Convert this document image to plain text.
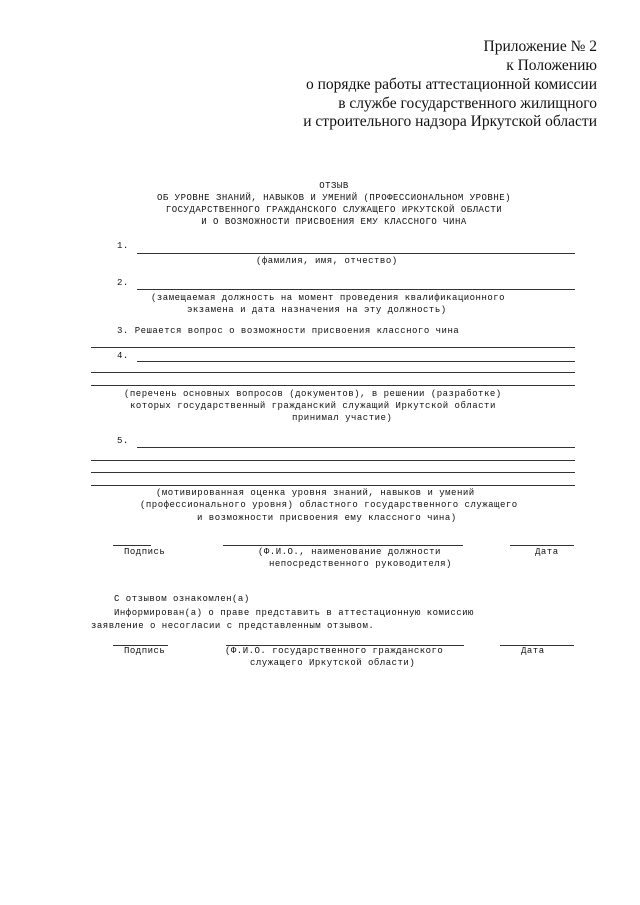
Приложение № 2
к Положению
о порядке работы аттестационной комиссии
в службе государственного жилищного
и строительного надзора Иркутской области
ОТЗЫВ
ОБ УРОВНЕ ЗНАНИЙ, НАВЫКОВ И УМЕНИЙ (ПРОФЕССИОНАЛЬНОМ УРОВНЕ)
ГОСУДАРСТВЕННОГО ГРАЖДАНСКОГО СЛУЖАЩЕГО ИРКУТСКОЙ ОБЛАСТИ
И О ВОЗМОЖНОСТИ ПРИСВОЕНИЯ ЕМУ КЛАССНОГО ЧИНА
1.
(фамилия, имя, отчество)
2.
(замещаемая должность на момент проведения квалификационного
экзамена и дата назначения на эту должность)
3. Решается вопрос о возможности присвоения классного чина
4.
(перечень основных вопросов (документов), в решении (разработке)
которых государственный гражданский служащий Иркутской области
принимал участие)
5.
(мотивированная оценка уровня знаний, навыков и умений
(профессионального уровня) областного государственного служащего
и возможности присвоения ему классного чина)
Подпись	(Ф.И.О., наименование должности
непосредственного руководителя)
Дата
С отзывом ознакомлен(а)
Информирован(а) о праве представить в аттестационную комиссию
заявление о несогласии с представленным отзывом.
Подпись	(Ф.И.О. государственного гражданского
служащего Иркутской области)
Дата
